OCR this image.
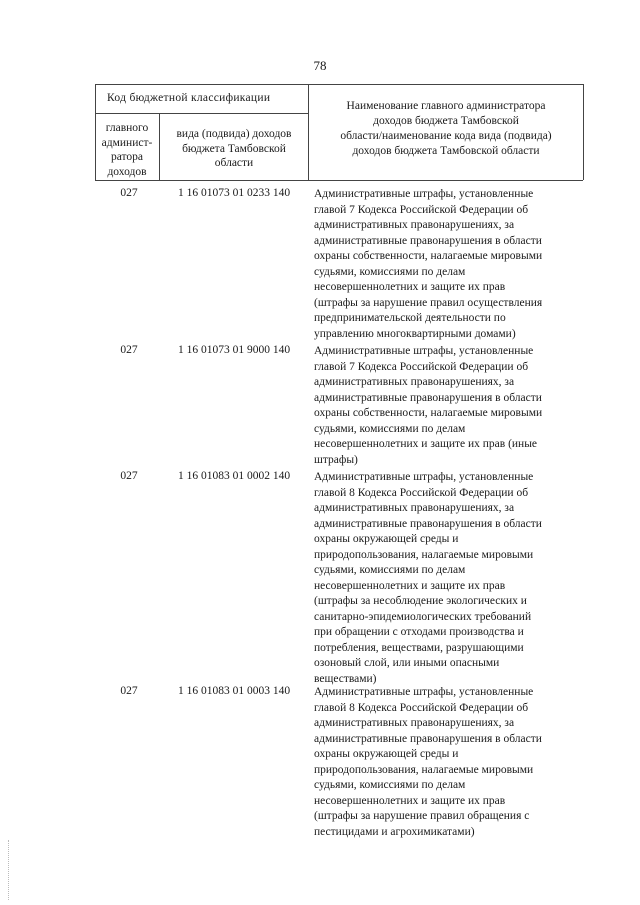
78
Код бюджетной классификации
главного
админист-
ратора
доходов
вида (подвида) доходов
бюджета Тамбовской
области
Наименование главного администратора
доходов бюджета Тамбовской
области/наименование кода вида (подвида)
доходов бюджета Тамбовской области
027	1 16 01073 01 0233 140	Административные штрафы, установленные
главой 7 Кодекса Российской Федерации об
административных правонарушениях, за
административные правонарушения в области
охраны собственности, налагаемые мировыми
судьями, комиссиями по делам
несовершеннолетних и защите их прав
(штрафы за нарушение правил осуществления
предпринимательской деятельности по
управлению многоквартирными домами)
027	1 16 01073 01 9000 140	Административные штрафы, установленные
главой 7 Кодекса Российской Федерации об
административных правонарушениях, за
административные правонарушения в области
охраны собственности, налагаемые мировыми
судьями, комиссиями по делам
несовершеннолетних и защите их прав (иные
штрафы)
027	1 16 01083 01 0002 140	Административные штрафы, установленные
главой 8 Кодекса Российской Федерации об
административных правонарушениях, за
административные правонарушения в области
охраны окружающей среды и
природопользования, налагаемые мировыми
судьями, комиссиями по делам
несовершеннолетних и защите их прав
(штрафы за несоблюдение экологических и
санитарно-эпидемиологических требований
при обращении с отходами производства и
потребления, веществами, разрушающими
озоновый слой, или иными опасными
веществами)
027	1 16 01083 01 0003 140	Административные штрафы, установленные
главой 8 Кодекса Российской Федерации об
административных правонарушениях, за
административные правонарушения в области
охраны окружающей среды и
природопользования, налагаемые мировыми
судьями, комиссиями по делам
несовершеннолетних и защите их прав
(штрафы за нарушение правил обращения с
пестицидами и агрохимикатами)
